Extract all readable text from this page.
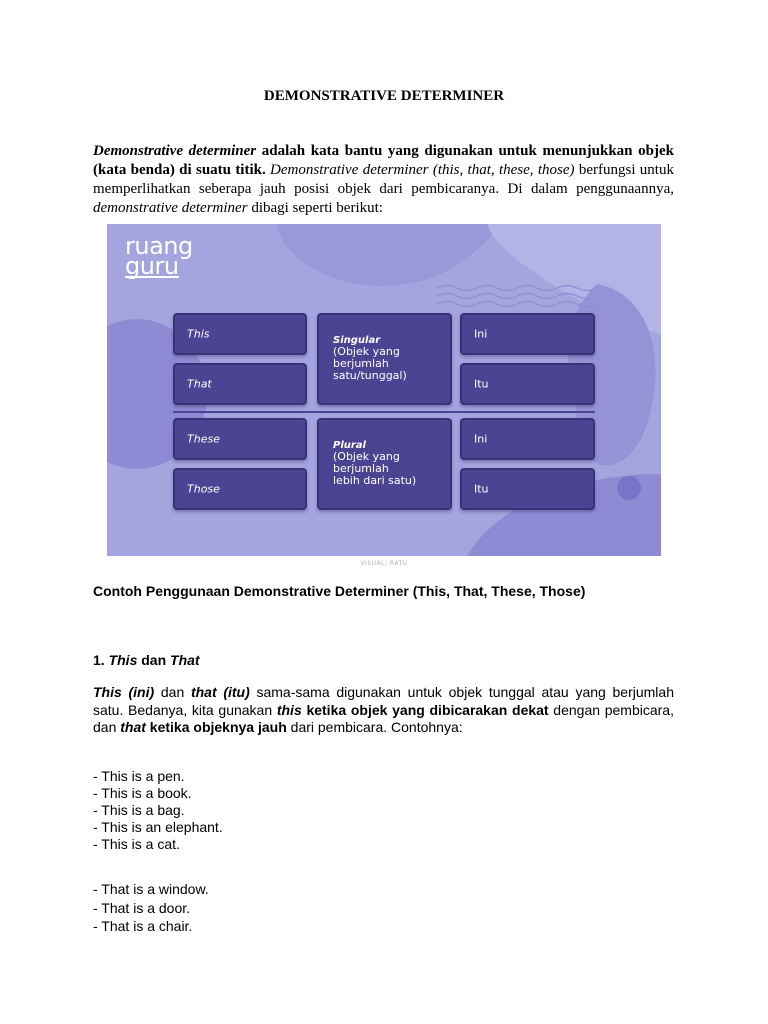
DEMONSTRATIVE DETERMINER
Demonstrative determiner adalah kata bantu yang digunakan untuk menunjukkan objek (kata benda) di suatu titik. Demonstrative determiner (this, that, these, those) berfungsi untuk memperlihatkan seberapa jauh posisi objek dari pembicaranya. Di dalam penggunaannya, demonstrative determiner dibagi seperti berikut:
ruang
guru
This
That
These
Those
Singular
(Objek yang
berjumlah
satu/tunggal)
Plural
(Objek yang
berjumlah
lebih dari satu)
Ini
Itu
Ini
Itu
VISUAL: RATU
Contoh Penggunaan Demonstrative Determiner (This, That, These, Those)
1. This dan That
This (ini) dan that (itu) sama-sama digunakan untuk objek tunggal atau yang berjumlah satu. Bedanya, kita gunakan this ketika objek yang dibicarakan dekat dengan pembicara, dan that ketika objeknya jauh dari pembicara. Contohnya:
- This is a pen.
- This is a book.
- This is a bag.
- This is an elephant.
- This is a cat.
- That is a window.
- That is a door.
- That is a chair.
